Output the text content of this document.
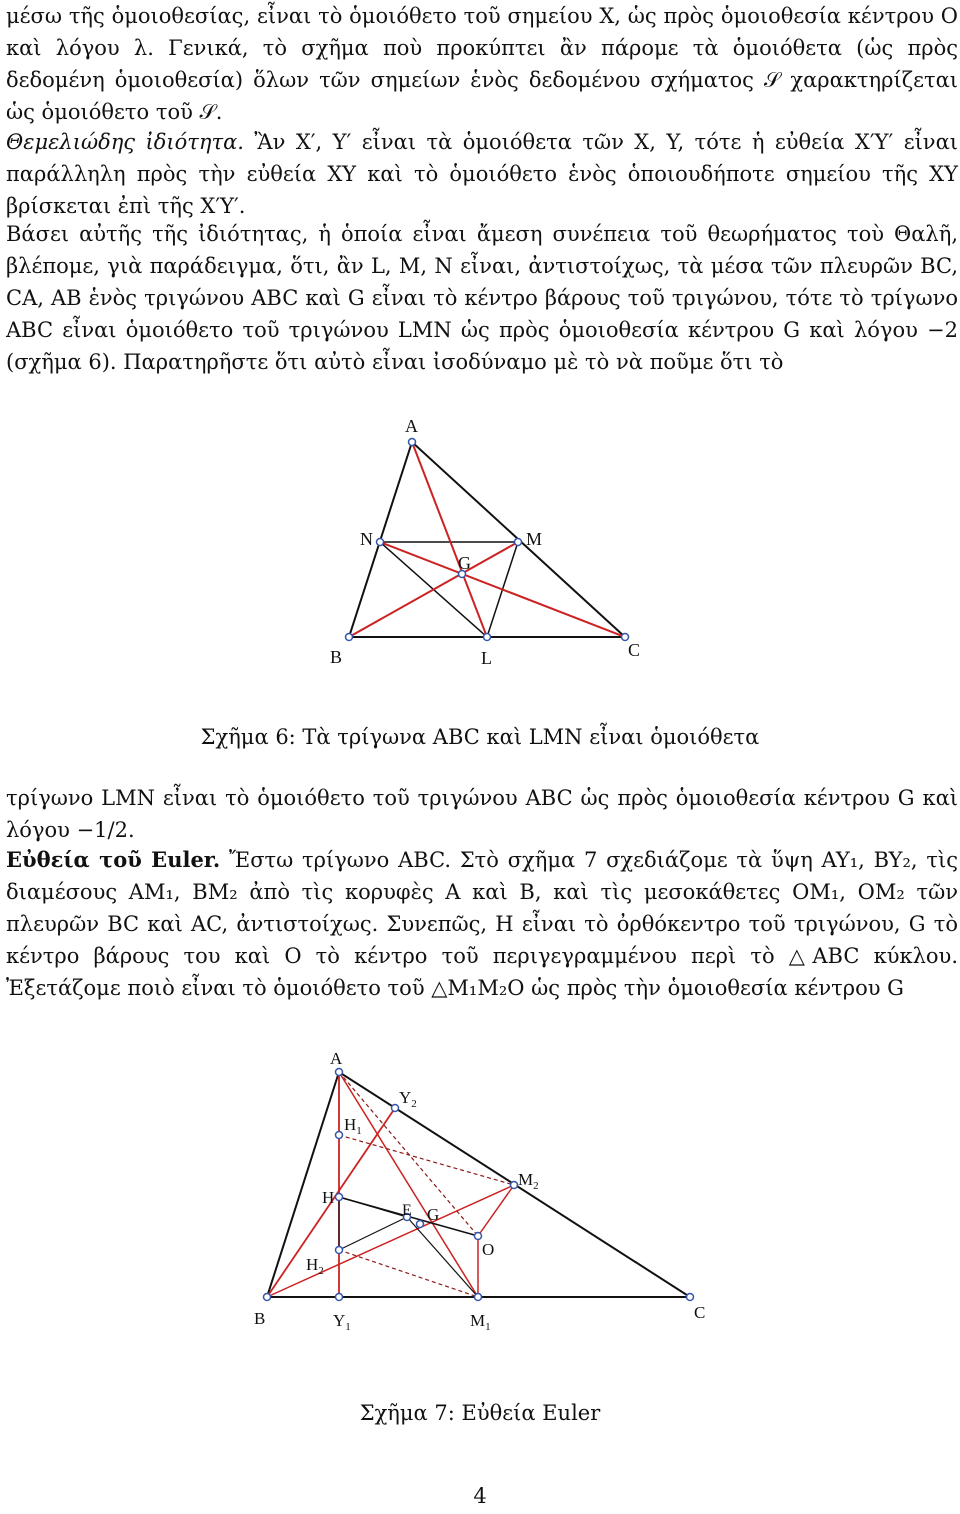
μέσω τῆς ὁμοιοθεσίας, εἶναι τὸ ὁμοιόθετο τοῦ σημείου X, ὡς πρὸς ὁμοιοθεσία κέντρου O καὶ λόγου λ. Γενικά, τὸ σχῆμα ποὺ προκύπτει ἂν πάρομε τὰ ὁμοιόθετα (ὡς πρὸς δεδομένη ὁμοιοθεσία) ὅλων τῶν σημείων ἑνὸς δεδομένου σχήματος 𝒮 χαρακτηρίζεται ὡς ὁμοιόθετο τοῦ 𝒮.

Θεμελιώδης ἰδιότητα. Ἂν X′, Y′ εἶναι τὰ ὁμοιόθετα τῶν X, Y, τότε ἡ εὐθεία X′Y′ εἶναι παράλληλη πρὸς τὴν εὐθεία XY καὶ τὸ ὁμοιόθετο ἑνὸς ὁποιουδήποτε σημείου τῆς XY βρίσκεται ἐπὶ τῆς X′Y′.

Βάσει αὐτῆς τῆς ἰδιότητας, ἡ ὁποία εἶναι ἄμεση συνέπεια τοῦ θεωρήματος τοὺ Θαλῆ, βλέπομε, γιὰ παράδειγμα, ὅτι, ἂν L, M, N εἶναι, ἀντιστοίχως, τὰ μέσα τῶν πλευρῶν BC, CA, AB ἑνὸς τριγώνου ABC καὶ G εἶναι τὸ κέντρο βάρους τοῦ τριγώνου, τότε τὸ τρίγωνο ABC εἶναι ὁμοιόθετο τοῦ τριγώνου LMN ὡς πρὸς ὁμοιοθεσία κέντρου G καὶ λόγου −2 (σχῆμα 6). Παρατηρῆστε ὅτι αὐτὸ εἶναι ἰσοδύναμο μὲ τὸ νὰ ποῦμε ὅτι τὸ

A
N	M
G
B	L	C

Σχῆμα 6: Τὰ τρίγωνα ABC καὶ LMN εἶναι ὁμοιόθετα

τρίγωνο LMN εἶναι τὸ ὁμοιόθετο τοῦ τριγώνου ABC ὡς πρὸς ὁμοιοθεσία κέντρου G καὶ λόγου −1/2.

Εὐθεία τοῦ Euler. Ἔστω τρίγωνο ABC. Στὸ σχῆμα 7 σχεδιάζομε τὰ ὕψη AY₁, BY₂, τὶς διαμέσους AM₁, BM₂ ἀπὸ τὶς κορυφὲς A καὶ B, καὶ τὶς μεσοκάθετες OM₁, OM₂ τῶν πλευρῶν BC καὶ AC, ἀντιστοίχως. Συνεπῶς, H εἶναι τὸ ὀρθόκεντρο τοῦ τριγώνου, G τὸ κέντρο βάρους του καὶ O τὸ κέντρο τοῦ περιγεγραμμένου περὶ τὸ △ABC κύκλου. Ἐξετάζομε ποιὸ εἶναι τὸ ὁμοιόθετο τοῦ △M₁M₂O ὡς πρὸς τὴν ὁμοιοθεσία κέντρου G

A
$Y_2$
$H_1$
$M_2$
H
E G
O
$H_2$
B	$Y_1$	$M_1$
C

Σχῆμα 7: Εὐθεία Euler

4
